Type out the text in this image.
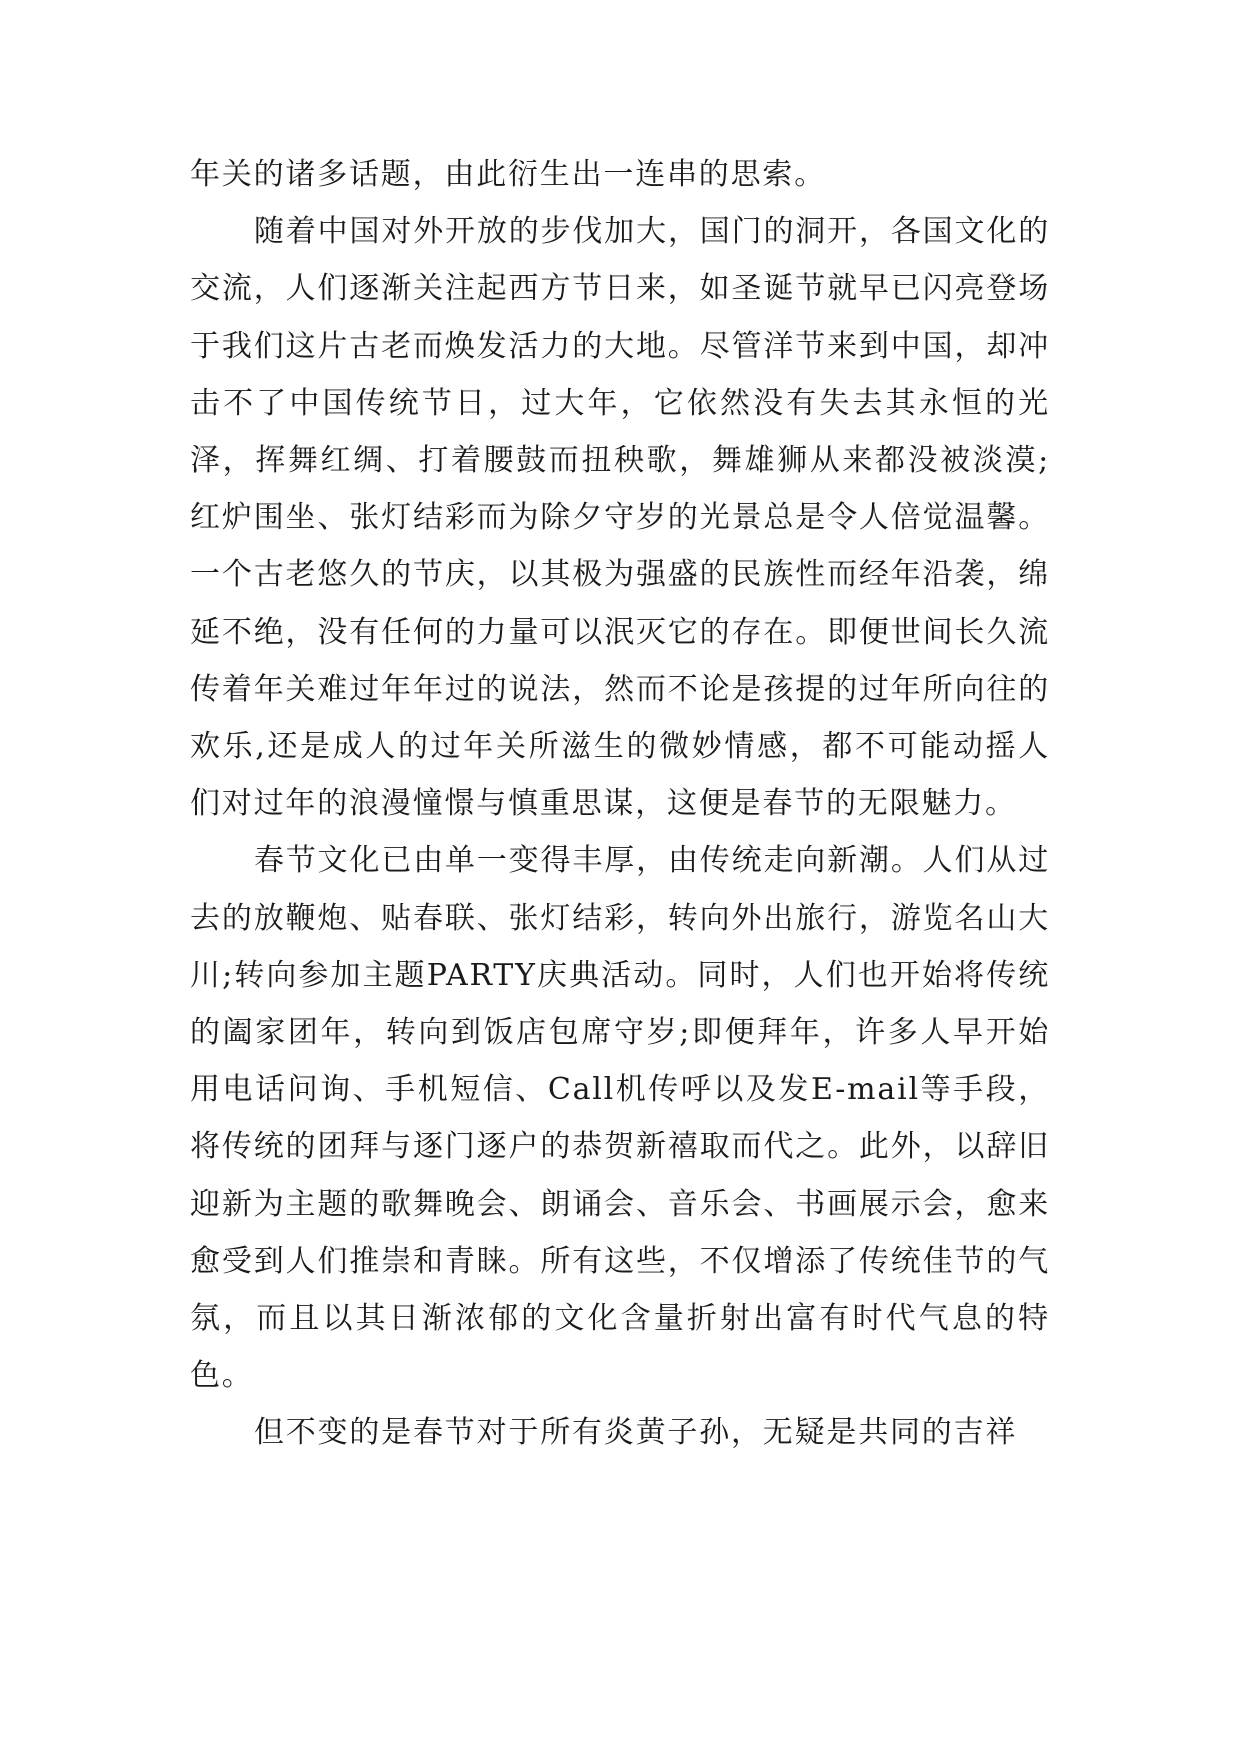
年关的诸多话题，由此衍生出一连串的思索。

随着中国对外开放的步伐加大，国门的洞开，各国文化的交流，人们逐渐关注起西方节日来，如圣诞节就早已闪亮登场于我们这片古老而焕发活力的大地。尽管洋节来到中国，却冲击不了中国传统节日，过大年，它依然没有失去其永恒的光泽，挥舞红绸、打着腰鼓而扭秧歌，舞雄狮从来都没被淡漠;红炉围坐、张灯结彩而为除夕守岁的光景总是令人倍觉温馨。一个古老悠久的节庆，以其极为强盛的民族性而经年沿袭，绵延不绝，没有任何的力量可以泯灭它的存在。即便世间长久流传着年关难过年年过的说法，然而不论是孩提的过年所向往的欢乐,还是成人的过年关所滋生的微妙情感，都不可能动摇人们对过年的浪漫憧憬与慎重思谋，这便是春节的无限魅力。

春节文化已由单一变得丰厚，由传统走向新潮。人们从过去的放鞭炮、贴春联、张灯结彩，转向外出旅行，游览名山大川;转向参加主题PARTY庆典活动。同时，人们也开始将传统的阖家团年，转向到饭店包席守岁;即便拜年，许多人早开始用电话问询、手机短信、Call机传呼以及发E-mail等手段，将传统的团拜与逐门逐户的恭贺新禧取而代之。此外，以辞旧迎新为主题的歌舞晚会、朗诵会、音乐会、书画展示会，愈来愈受到人们推崇和青睐。所有这些，不仅增添了传统佳节的气氛，而且以其日渐浓郁的文化含量折射出富有时代气息的特色。

但不变的是春节对于所有炎黄子孙，无疑是共同的吉祥
